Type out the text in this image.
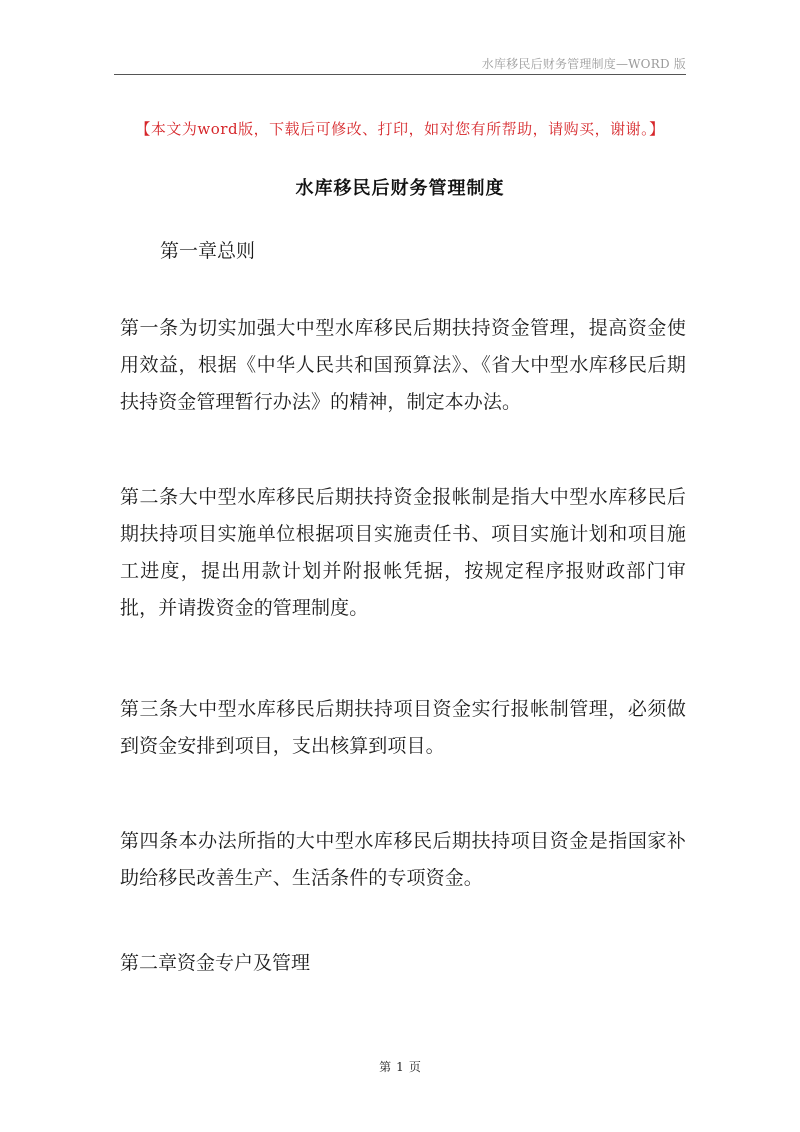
水库移民后财务管理制度—WORD 版
【本文为word版，下载后可修改、打印，如对您有所帮助，请购买，谢谢。】
水库移民后财务管理制度
第一章总则
第一条为切实加强大中型水库移民后期扶持资金管理，提高资金使用效益，根据《中华人民共和国预算法》、《省大中型水库移民后期扶持资金管理暂行办法》的精神，制定本办法。
第二条大中型水库移民后期扶持资金报帐制是指大中型水库移民后期扶持项目实施单位根据项目实施责任书、项目实施计划和项目施工进度，提出用款计划并附报帐凭据，按规定程序报财政部门审批，并请拨资金的管理制度。
第三条大中型水库移民后期扶持项目资金实行报帐制管理，必须做到资金安排到项目，支出核算到项目。
第四条本办法所指的大中型水库移民后期扶持项目资金是指国家补助给移民改善生产、生活条件的专项资金。
第二章资金专户及管理
第 1 页
